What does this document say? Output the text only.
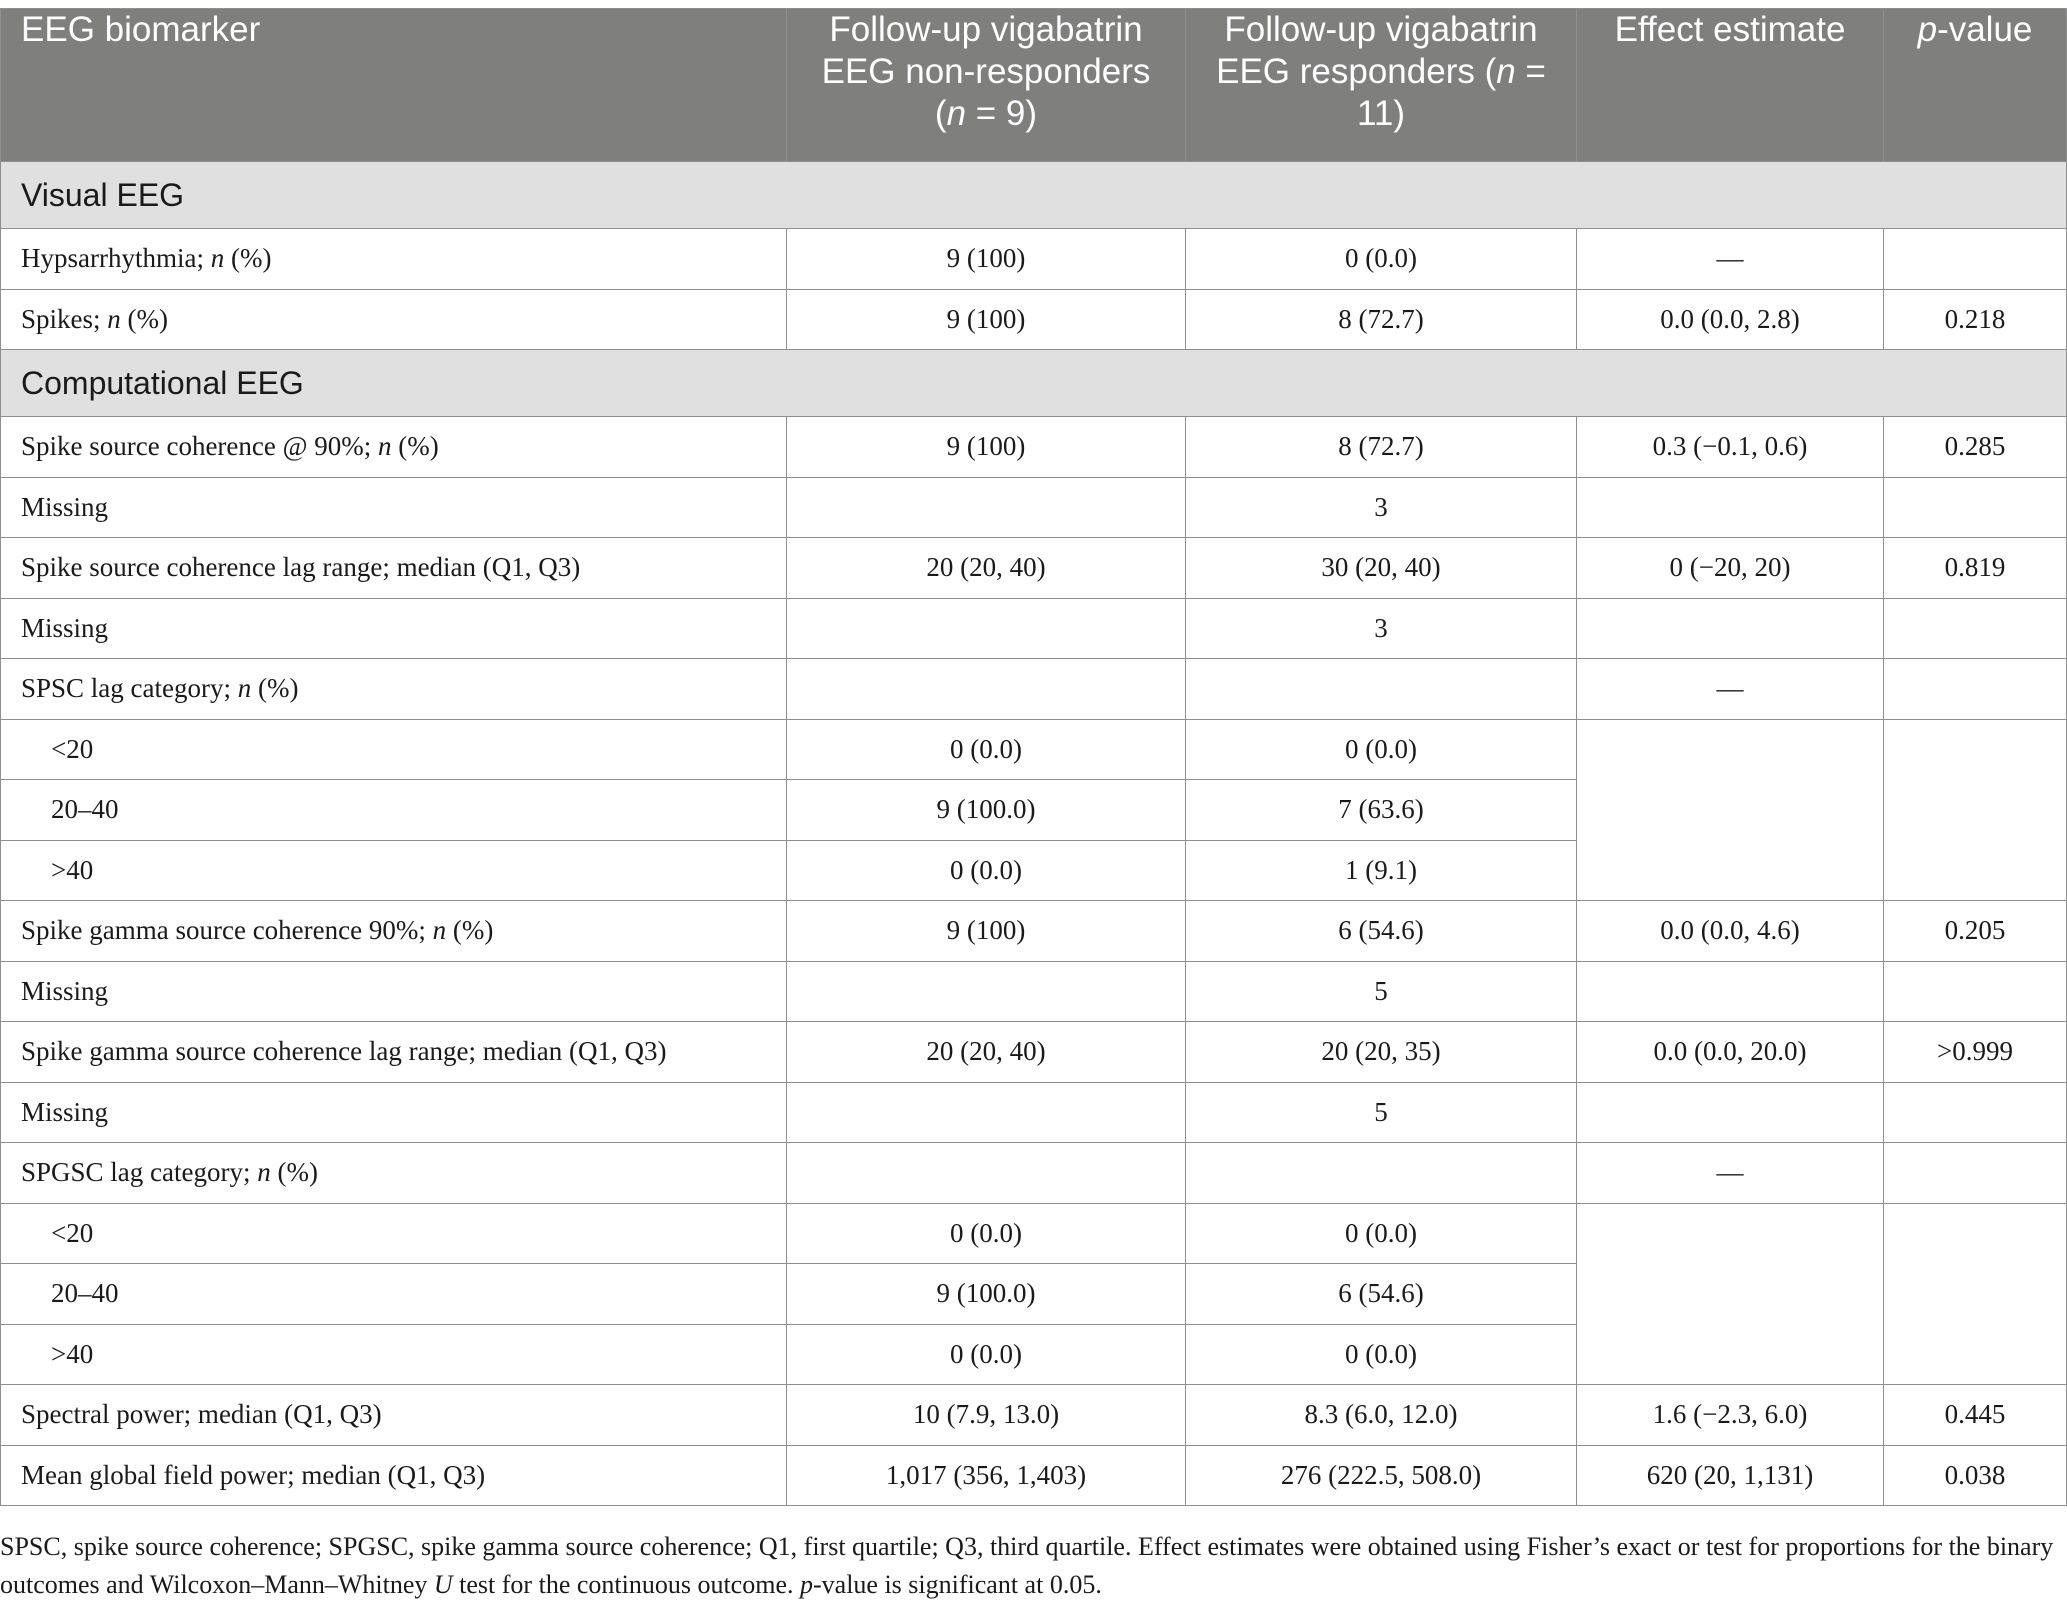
EEG biomarker	Follow-up vigabatrin EEG non-responders (n = 9)	Follow-up vigabatrin EEG responders (n = 11)	Effect estimate	p-value
Visual EEG				
Hypsarrhythmia; n (%)	9 (100)	0 (0.0)	—	
Spikes; n (%)	9 (100)	8 (72.7)	0.0 (0.0, 2.8)	0.218
Computational EEG				
Spike source coherence @ 90%; n (%)	9 (100)	8 (72.7)	0.3 (−0.1, 0.6)	0.285
Missing		3		
Spike source coherence lag range; median (Q1, Q3)	20 (20, 40)	30 (20, 40)	0 (−20, 20)	0.819
Missing		3		
SPSC lag category; n (%)			—	
<20	0 (0.0)	0 (0.0)		
20–40	9 (100.0)	7 (63.6)		
>40	0 (0.0)	1 (9.1)		
Spike gamma source coherence 90%; n (%)	9 (100)	6 (54.6)	0.0 (0.0, 4.6)	0.205
Missing		5		
Spike gamma source coherence lag range; median (Q1, Q3)	20 (20, 40)	20 (20, 35)	0.0 (0.0, 20.0)	>0.999
Missing		5		
SPGSC lag category; n (%)			—	
<20	0 (0.0)	0 (0.0)		
20–40	9 (100.0)	6 (54.6)		
>40	0 (0.0)	0 (0.0)		
Spectral power; median (Q1, Q3)	10 (7.9, 13.0)	8.3 (6.0, 12.0)	1.6 (−2.3, 6.0)	0.445
Mean global field power; median (Q1, Q3)	1,017 (356, 1,403)	276 (222.5, 508.0)	620 (20, 1,131)	0.038
SPSC, spike source coherence; SPGSC, spike gamma source coherence; Q1, first quartile; Q3, third quartile. Effect estimates were obtained using Fisher’s exact or test for proportions for the binary outcomes and Wilcoxon–Mann–Whitney U test for the continuous outcome. p-value is significant at 0.05.
